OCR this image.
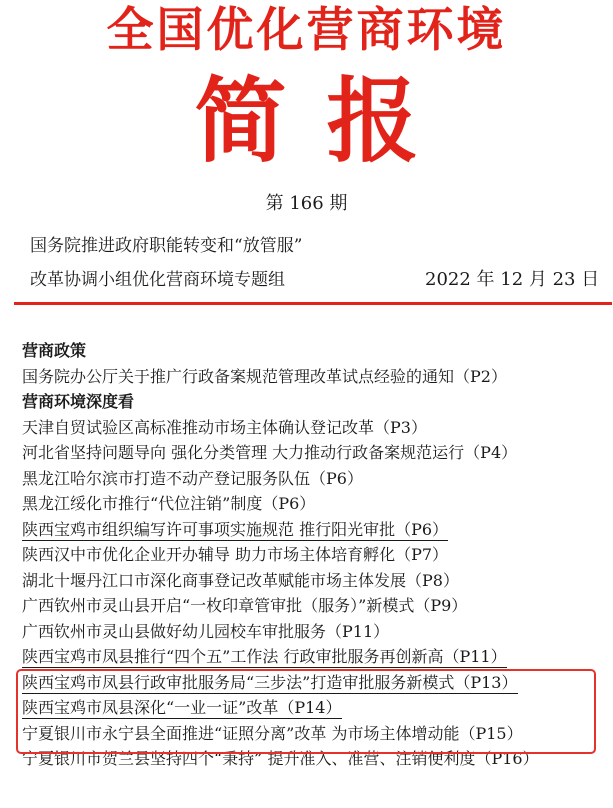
全国优化营商环境
简报
第 166 期
国务院推进政府职能转变和“放管服”
改革协调小组优化营商环境专题组	2022 年 12 月 23 日
营商政策
国务院办公厅关于推广行政备案规范管理改革试点经验的通知（P2）
营商环境深度看
天津自贸试验区高标准推动市场主体确认登记改革（P3）
河北省坚持问题导向 强化分类管理 大力推动行政备案规范运行（P4）
黑龙江哈尔滨市打造不动产登记服务队伍（P6）
黑龙江绥化市推行“代位注销”制度（P6）
陕西宝鸡市组织编写许可事项实施规范 推行阳光审批（P6）
陕西汉中市优化企业开办辅导 助力市场主体培育孵化（P7）
湖北十堰丹江口市深化商事登记改革赋能市场主体发展（P8）
广西钦州市灵山县开启“一枚印章管审批（服务）”新模式（P9）
广西钦州市灵山县做好幼儿园校车审批服务（P11）
陕西宝鸡市凤县推行“四个五”工作法 行政审批服务再创新高（P11）
陕西宝鸡市凤县行政审批服务局“三步法”打造审批服务新模式（P13）
陕西宝鸡市凤县深化“一业一证”改革（P14）
宁夏银川市永宁县全面推进“证照分离”改革 为市场主体增动能（P15）
宁夏银川市贺兰县坚持四个“秉持” 提升准入、准营、注销便利度（P16）
